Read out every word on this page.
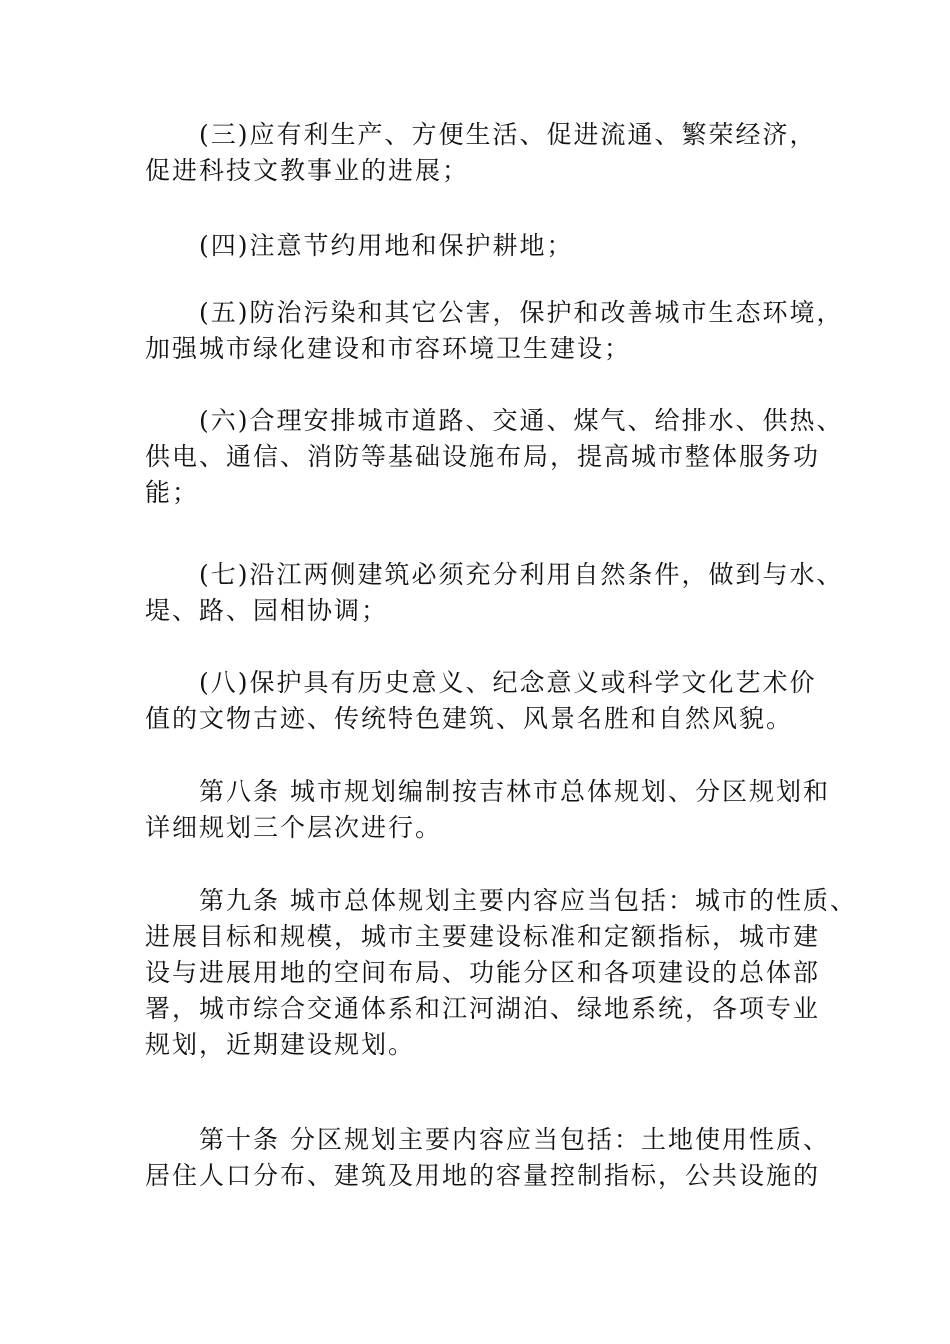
(三)应有利生产、方便生活、促进流通、繁荣经济，
促进科技文教事业的进展；

(四)注意节约用地和保护耕地；

(五)防治污染和其它公害，保护和改善城市生态环境，
加强城市绿化建设和市容环境卫生建设；

(六)合理安排城市道路、交通、煤气、给排水、供热、
供电、通信、消防等基础设施布局，提高城市整体服务功
能；

(七)沿江两侧建筑必须充分利用自然条件，做到与水、
堤、路、园相协调；

(八)保护具有历史意义、纪念意义或科学文化艺术价
值的文物古迹、传统特色建筑、风景名胜和自然风貌。

第八条 城市规划编制按吉林市总体规划、分区规划和
详细规划三个层次进行。

第九条 城市总体规划主要内容应当包括：城市的性质、
进展目标和规模，城市主要建设标准和定额指标，城市建
设与进展用地的空间布局、功能分区和各项建设的总体部
署，城市综合交通体系和江河湖泊、绿地系统，各项专业
规划，近期建设规划。

第十条 分区规划主要内容应当包括：土地使用性质、
居住人口分布、建筑及用地的容量控制指标，公共设施的
